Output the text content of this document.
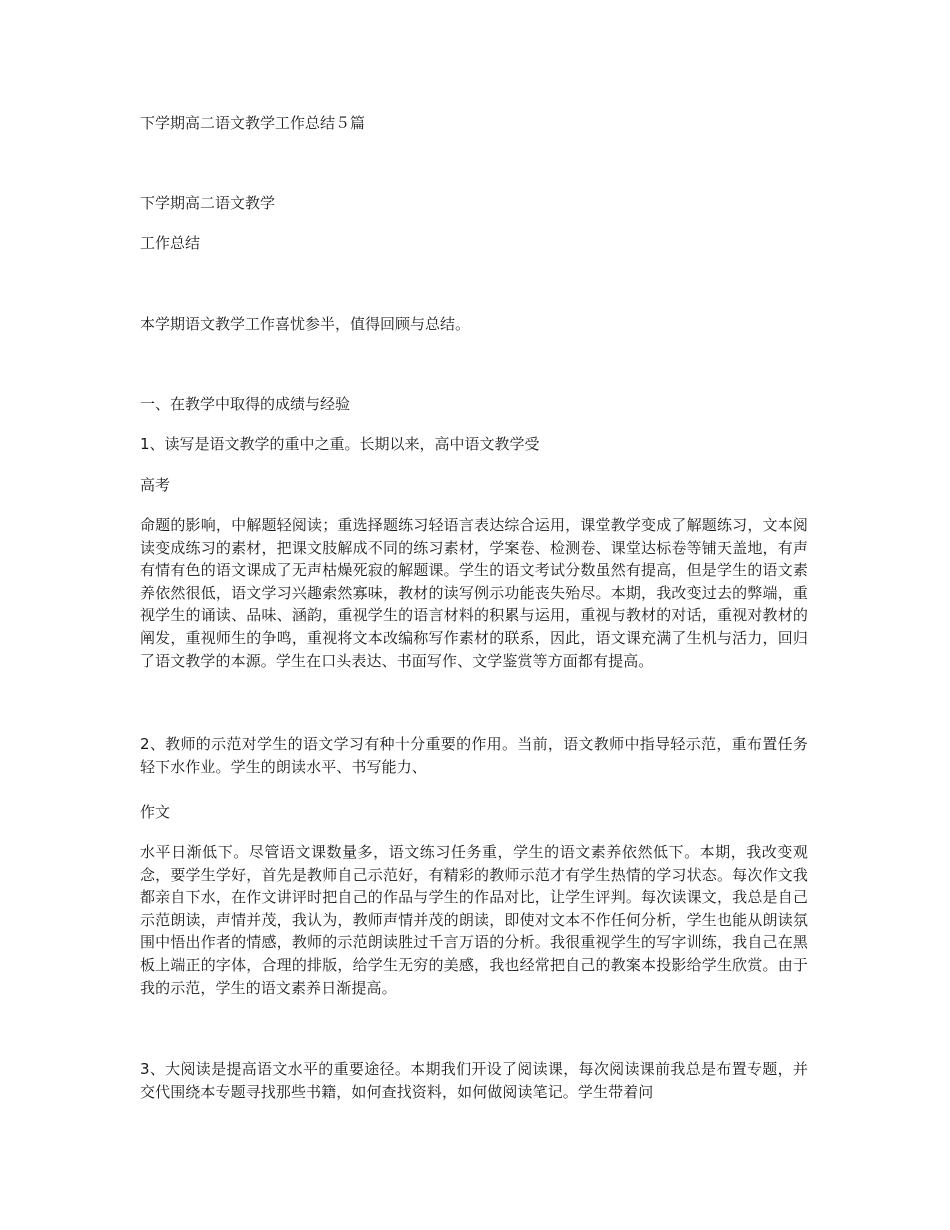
下学期高二语文教学工作总结５篇
下学期高二语文教学
工作总结
本学期语文教学工作喜忧参半，值得回顾与总结。
一、在教学中取得的成绩与经验
1、读写是语文教学的重中之重。长期以来，高中语文教学受
高考
命题的影响，中解题轻阅读；重选择题练习轻语言表达综合运用，课堂教学变成了解题练习，文本阅读变成练习的素材，把课文肢解成不同的练习素材，学案卷、检测卷、课堂达标卷等铺天盖地，有声有情有色的语文课成了无声枯燥死寂的解题课。学生的语文考试分数虽然有提高，但是学生的语文素养依然很低，语文学习兴趣索然寡味，教材的读写例示功能丧失殆尽。本期，我改变过去的弊端，重视学生的诵读、品味、涵韵，重视学生的语言材料的积累与运用，重视与教材的对话，重视对教材的阐发，重视师生的争鸣，重视将文本改编称写作素材的联系，因此，语文课充满了生机与活力，回归了语文教学的本源。学生在口头表达、书面写作、文学鉴赏等方面都有提高。
2、教师的示范对学生的语文学习有种十分重要的作用。当前，语文教师中指导轻示范，重布置任务轻下水作业。学生的朗读水平、书写能力、
作文
水平日渐低下。尽管语文课数量多，语文练习任务重，学生的语文素养依然低下。本期，我改变观念，要学生学好，首先是教师自己示范好，有精彩的教师示范才有学生热情的学习状态。每次作文我都亲自下水，在作文讲评时把自己的作品与学生的作品对比，让学生评判。每次读课文，我总是自己示范朗读，声情并茂，我认为，教师声情并茂的朗读，即使对文本不作任何分析，学生也能从朗读氛围中悟出作者的情感，教师的示范朗读胜过千言万语的分析。我很重视学生的写字训练，我自己在黑板上端正的字体，合理的排版，给学生无穷的美感，我也经常把自己的教案本投影给学生欣赏。由于我的示范，学生的语文素养日渐提高。
3、大阅读是提高语文水平的重要途径。本期我们开设了阅读课，每次阅读课前我总是布置专题，并交代围绕本专题寻找那些书籍，如何查找资料，如何做阅读笔记。学生带着问
